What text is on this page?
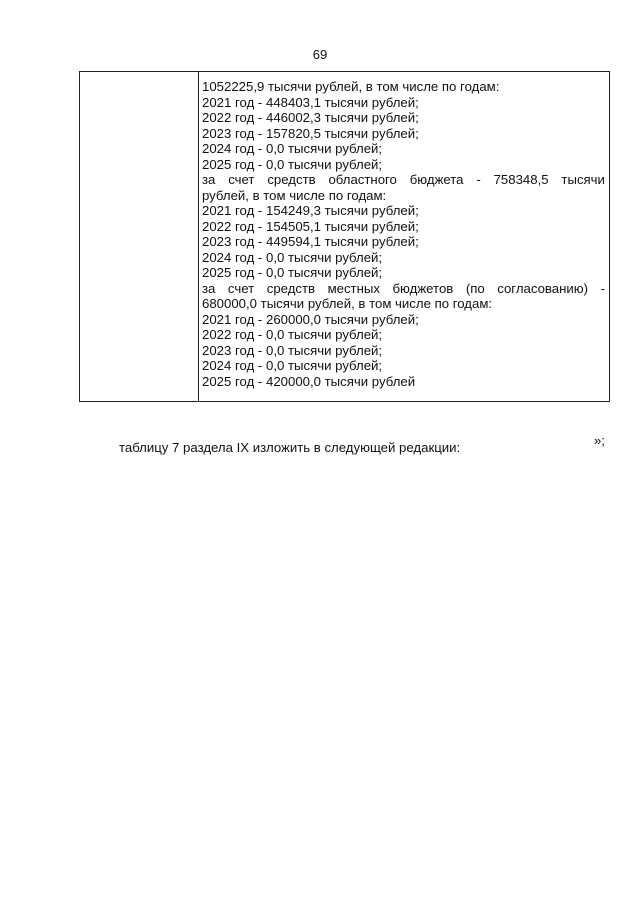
69
1052225,9 тысячи рублей, в том числе по годам:
2021 год - 448403,1 тысячи рублей;
2022 год - 446002,3 тысячи рублей;
2023 год - 157820,5 тысячи рублей;
2024 год - 0,0 тысячи рублей;
2025 год - 0,0 тысячи рублей;
за счет средств областного бюджета - 758348,5 тысячи
рублей, в том числе по годам:
2021 год - 154249,3 тысячи рублей;
2022 год - 154505,1 тысячи рублей;
2023 год - 449594,1 тысячи рублей;
2024 год - 0,0 тысячи рублей;
2025 год - 0,0 тысячи рублей;
за счет средств местных бюджетов (по согласованию) -
680000,0 тысячи рублей, в том числе по годам:
2021 год - 260000,0 тысячи рублей;
2022 год - 0,0 тысячи рублей;
2023 год - 0,0 тысячи рублей;
2024 год - 0,0 тысячи рублей;
2025 год - 420000,0 тысячи рублей
»;
таблицу 7 раздела IX изложить в следующей редакции:
